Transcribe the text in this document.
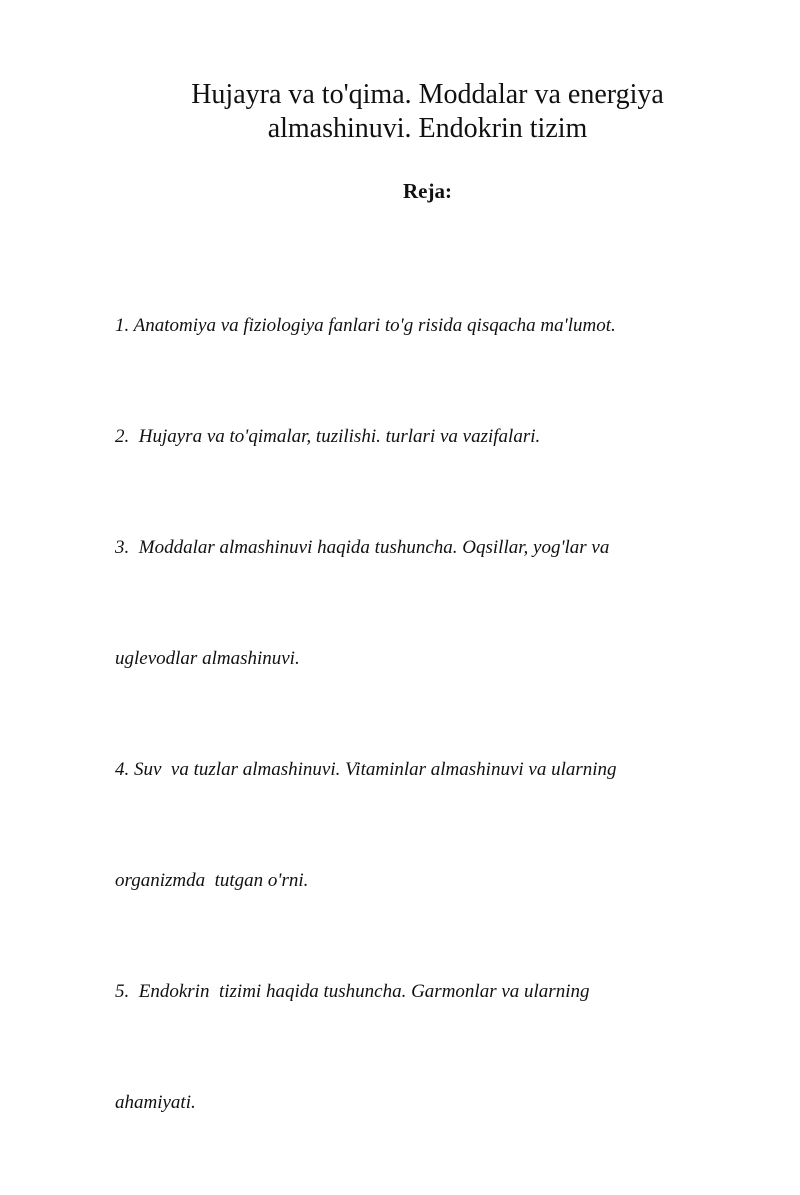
Hujayra va to'qima. Moddalar va energiya
almashinuvi. Endokrin tizim
Reja:

1. Anatomiya va fiziologiya fanlari to'g risida qisqacha ma'lumot.

2.  Hujayra va to'qimalar, tuzilishi. turlari va vazifalari.

3.  Moddalar almashinuvi haqida tushuncha. Oqsillar, yog'lar va

uglevodlar almashinuvi.

4. Suv  va tuzlar almashinuvi. Vitaminlar almashinuvi va ularning

organizmda  tutgan o'rni.

5.  Endokrin  tizimi haqida tushuncha. Garmonlar va ularning

ahamiyati.
